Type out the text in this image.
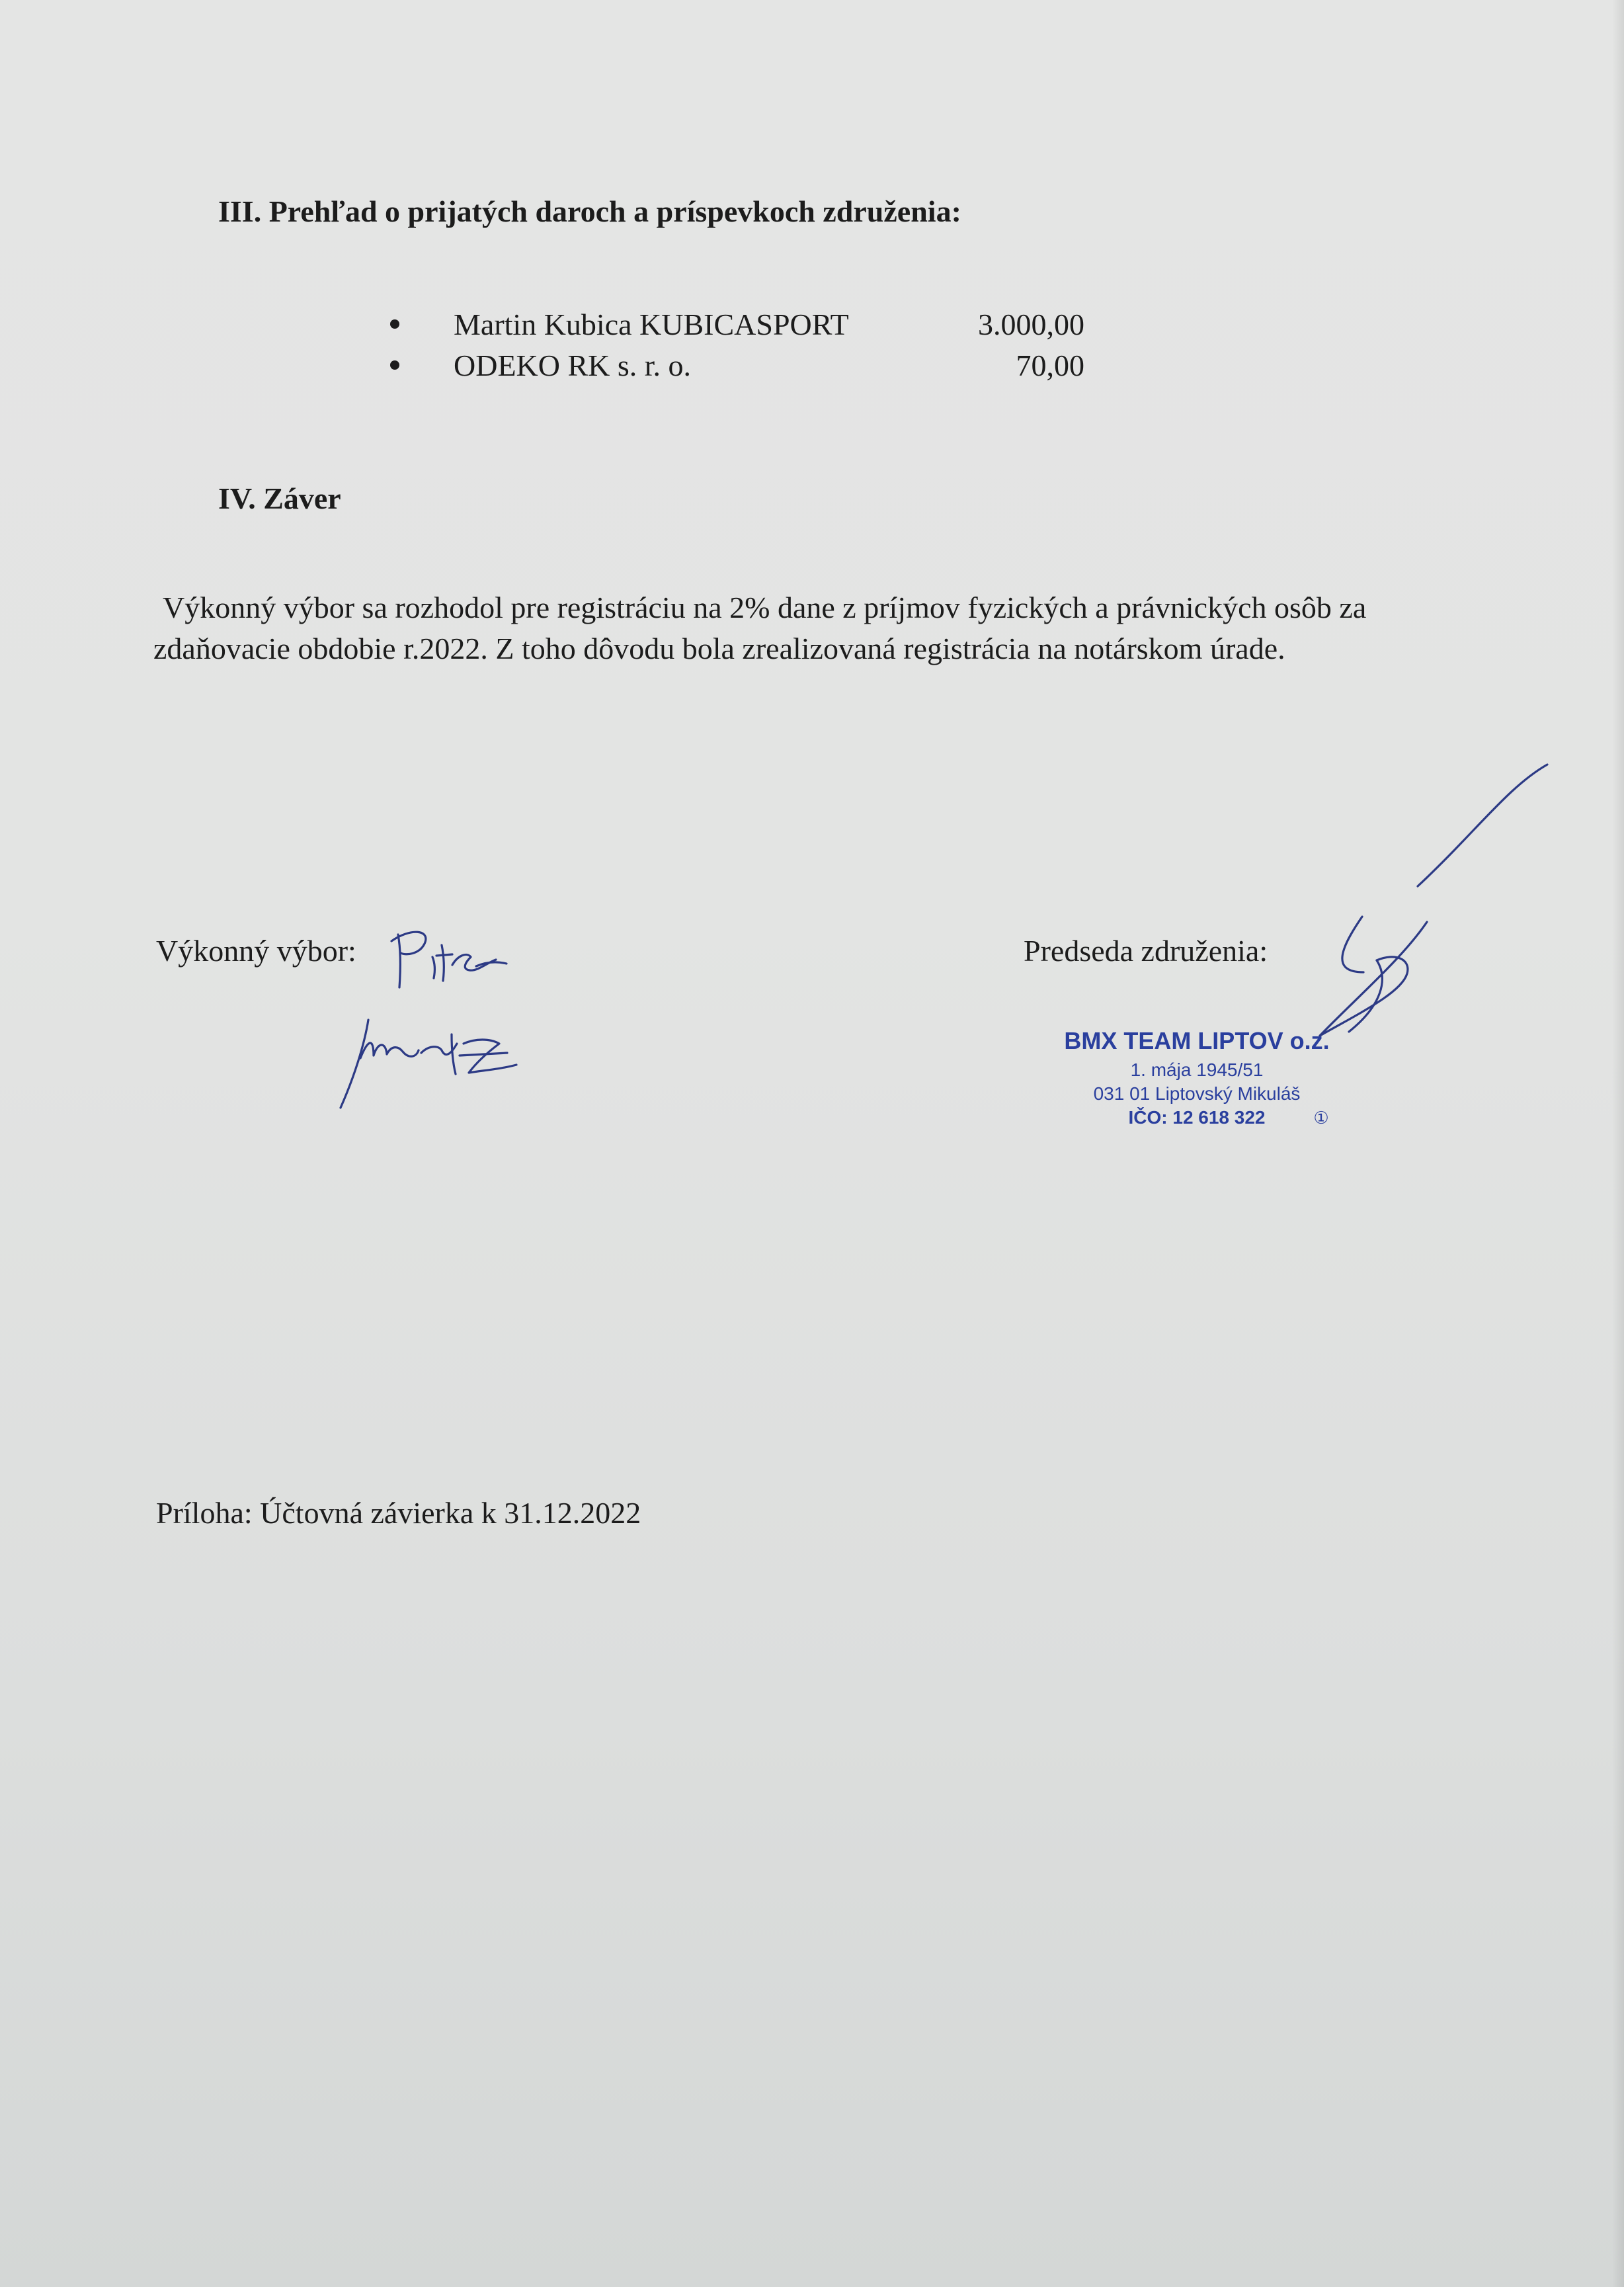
III. Prehľad o prijatých daroch a príspevkoch združenia:
Martin Kubica KUBICASPORT	3.000,00
ODEKO RK s. r. o.	70,00
IV. Záver
Výkonný výbor sa rozhodol pre registráciu na 2% dane z príjmov fyzických a právnických osôb za
zdaňovacie obdobie r.2022. Z toho dôvodu bola zrealizovaná registrácia na notárskom úrade.
Výkonný výbor:	Predseda združenia:
BMX TEAM LIPTOV o.z.
1. mája 1945/51
031 01 Liptovský Mikuláš
IČO: 12 618 322	①
Príloha: Účtovná závierka k 31.12.2022
